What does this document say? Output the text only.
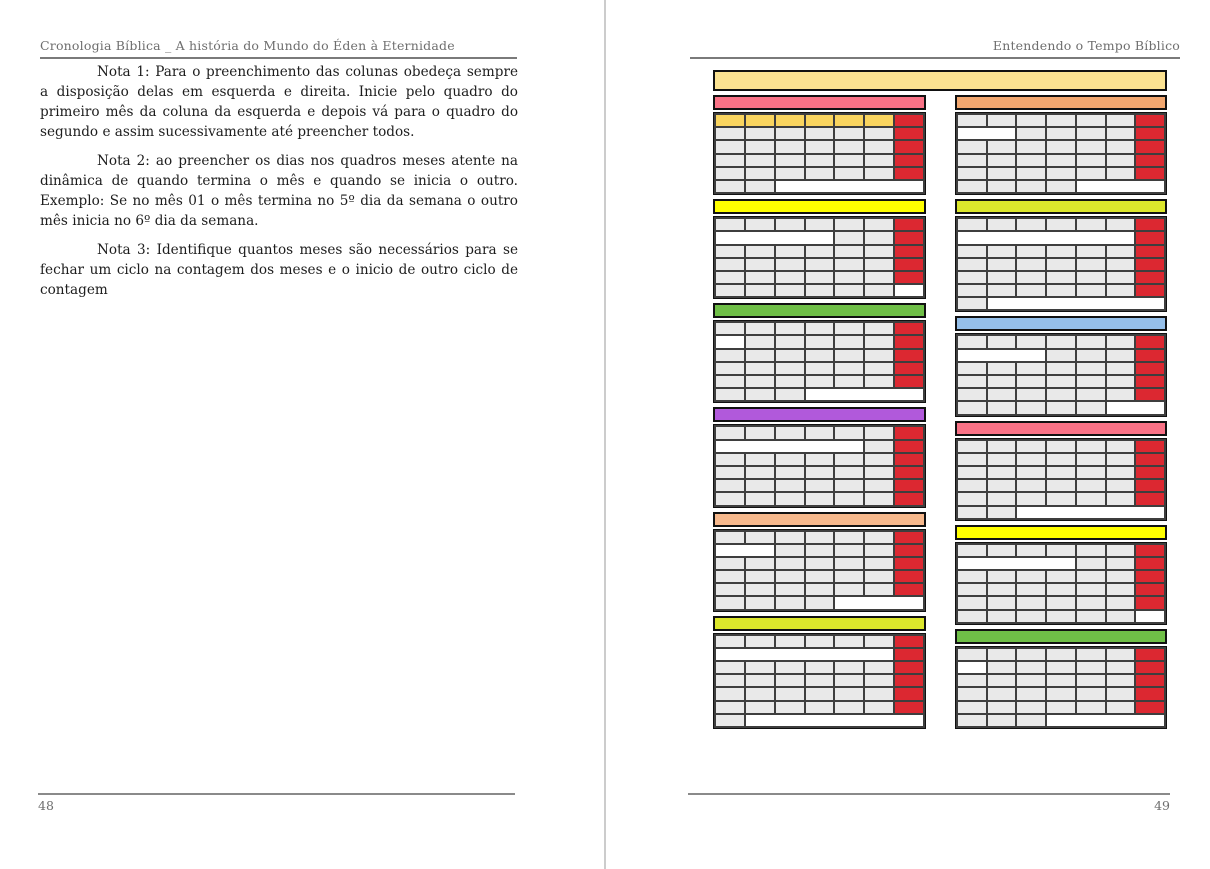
Cronologia Bíblica _ A história do Mundo do Éden à Eternidade

Nota 1: Para o preenchimento das colunas obedeça sempre a disposição delas em esquerda e direita. Inicie pelo quadro do primeiro mês da coluna da esquerda e depois vá para o quadro do segundo e assim sucessivamente até preencher todos.

Nota 2: ao preencher os dias nos quadros meses atente na dinâmica de quando termina o mês e quando se inicia o outro. Exemplo: Se no mês 01 o mês termina no 5º dia da semana o outro mês inicia no 6º dia da semana.

Nota 3: Identifique quantos meses são necessários para se fechar um ciclo na contagem dos meses e o inicio de outro ciclo de contagem

48
Entendendo o Tempo Bíblico
49
